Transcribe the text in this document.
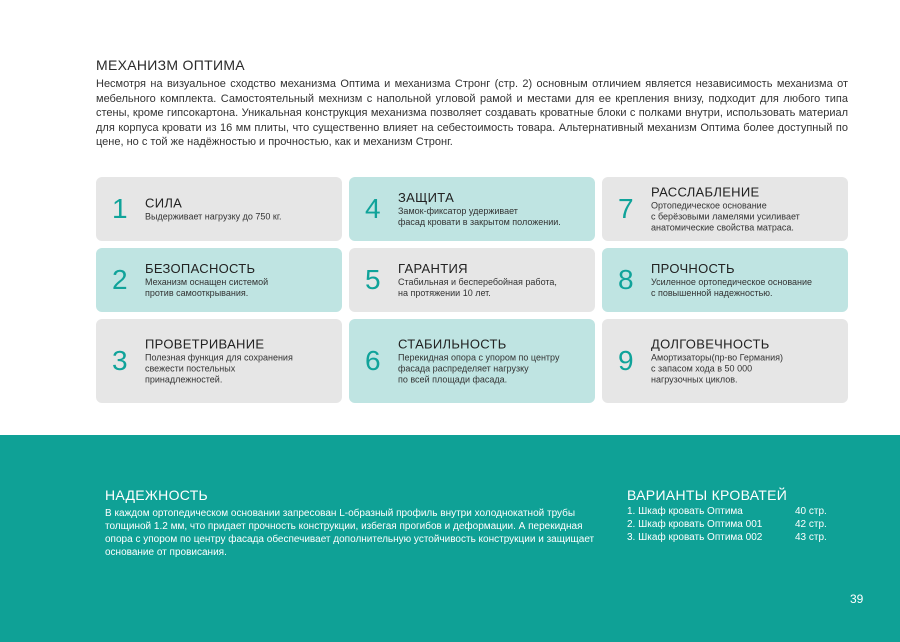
МЕХАНИЗМ ОПТИМА
Несмотря на визуальное сходство механизма Оптима и механизма Стронг (стр. 2) основным отличием является независимость механизма от мебельного комплекта. Самостоятельный мехнизм с напольной угловой рамой и местами для ее крепления внизу, подходит для любого типа стены, кроме гипсокартона. Уникальная конструкция механизма позволяет создавать кроватные блоки с полками внутри, использовать материал для корпуса кровати из 16 мм плиты, что существенно влияет на себестоимость товара. Альтернативный механизм Оптима более доступный по цене, но с той же надёжностью и прочностью, как и механизм Стронг.
1 СИЛА
Выдерживает нагрузку до 750 кг.	4 ЗАЩИТА
Замок-фиксатор удерживает
фасад кровати в закрытом положении.	7
РАССЛАБЛЕНИЕ
Ортопедическое основание
с берёзовыми ламелями усиливает
анатомические свойства матраса.
2 БЕЗОПАСНОСТЬ
Механизм оснащен системой
против самооткрывания.	5 ГАРАНТИЯ
Стабильная и бесперебойная работа,
на протяжении 10 лет.	8 ПРОЧНОСТЬ
Усиленное ортопедическое основание
с повышенной надежностью.
3
ПРОВЕТРИВАНИЕ
Полезная функция для сохранения
свежести постельных
принадлежностей.
6
СТАБИЛЬНОСТЬ
Перекидная опора с упором по центру
фасада распределяет нагрузку
по всей площади фасада.
9
ДОЛГОВЕЧНОСТЬ
Амортизаторы(пр-во Германия)
с запасом хода в 50 000
нагрузочных циклов.
НАДЕЖНОСТЬ
В каждом ортопедическом основании запресован L-образный профиль внутри холоднокатной трубы толщиной 1.2 мм, что придает прочность конструкции, избегая прогибов и деформации. А перекидная опора с упором по центру фасада обеспечивает дополнительную устойчивость конструкции и защищает основание от провисания.
ВАРИАНТЫ КРОВАТЕЙ
1. Шкаф кровать Оптима	40 стр.
2. Шкаф кровать Оптима 001	42 стр.
3. Шкаф кровать Оптима 002	43 стр.
39
